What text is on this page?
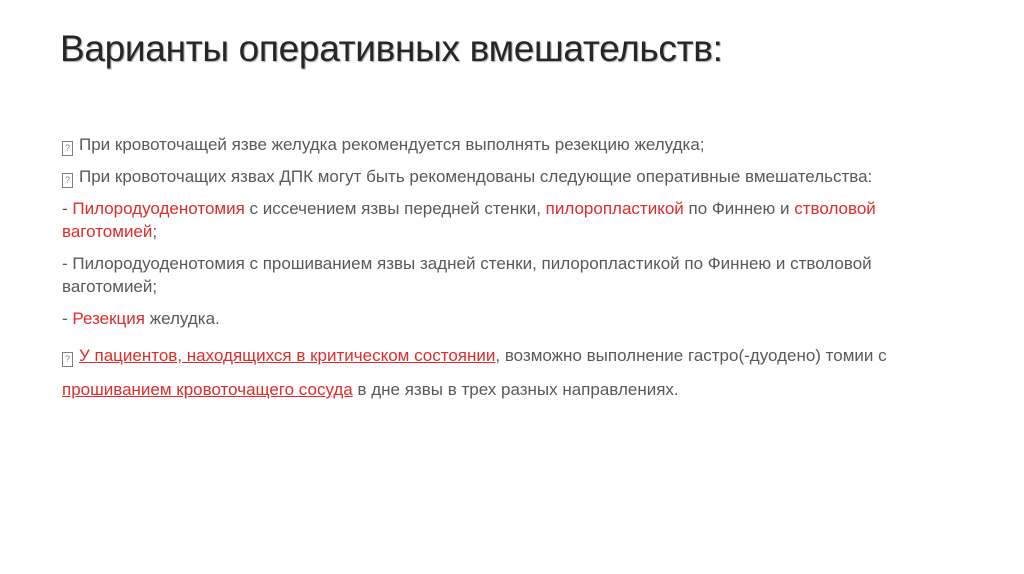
Варианты оперативных вмешательств:

? При кровоточащей язве желудка рекомендуется выполнять резекцию желудка;

? При кровоточащих язвах ДПК могут быть рекомендованы следующие оперативные вмешательства:

- Пилородуоденотомия с иссечением язвы передней стенки, пилоропластикой по Финнею и стволовой ваготомией;

- Пилородуоденотомия с прошиванием язвы задней стенки, пилоропластикой по Финнею и стволовой ваготомией;

- Резекция желудка.

? У пациентов, находящихся в критическом состоянии, возможно выполнение гастро(-дуодено) томии с прошиванием кровоточащего сосуда в дне язвы в трех разных направлениях.
